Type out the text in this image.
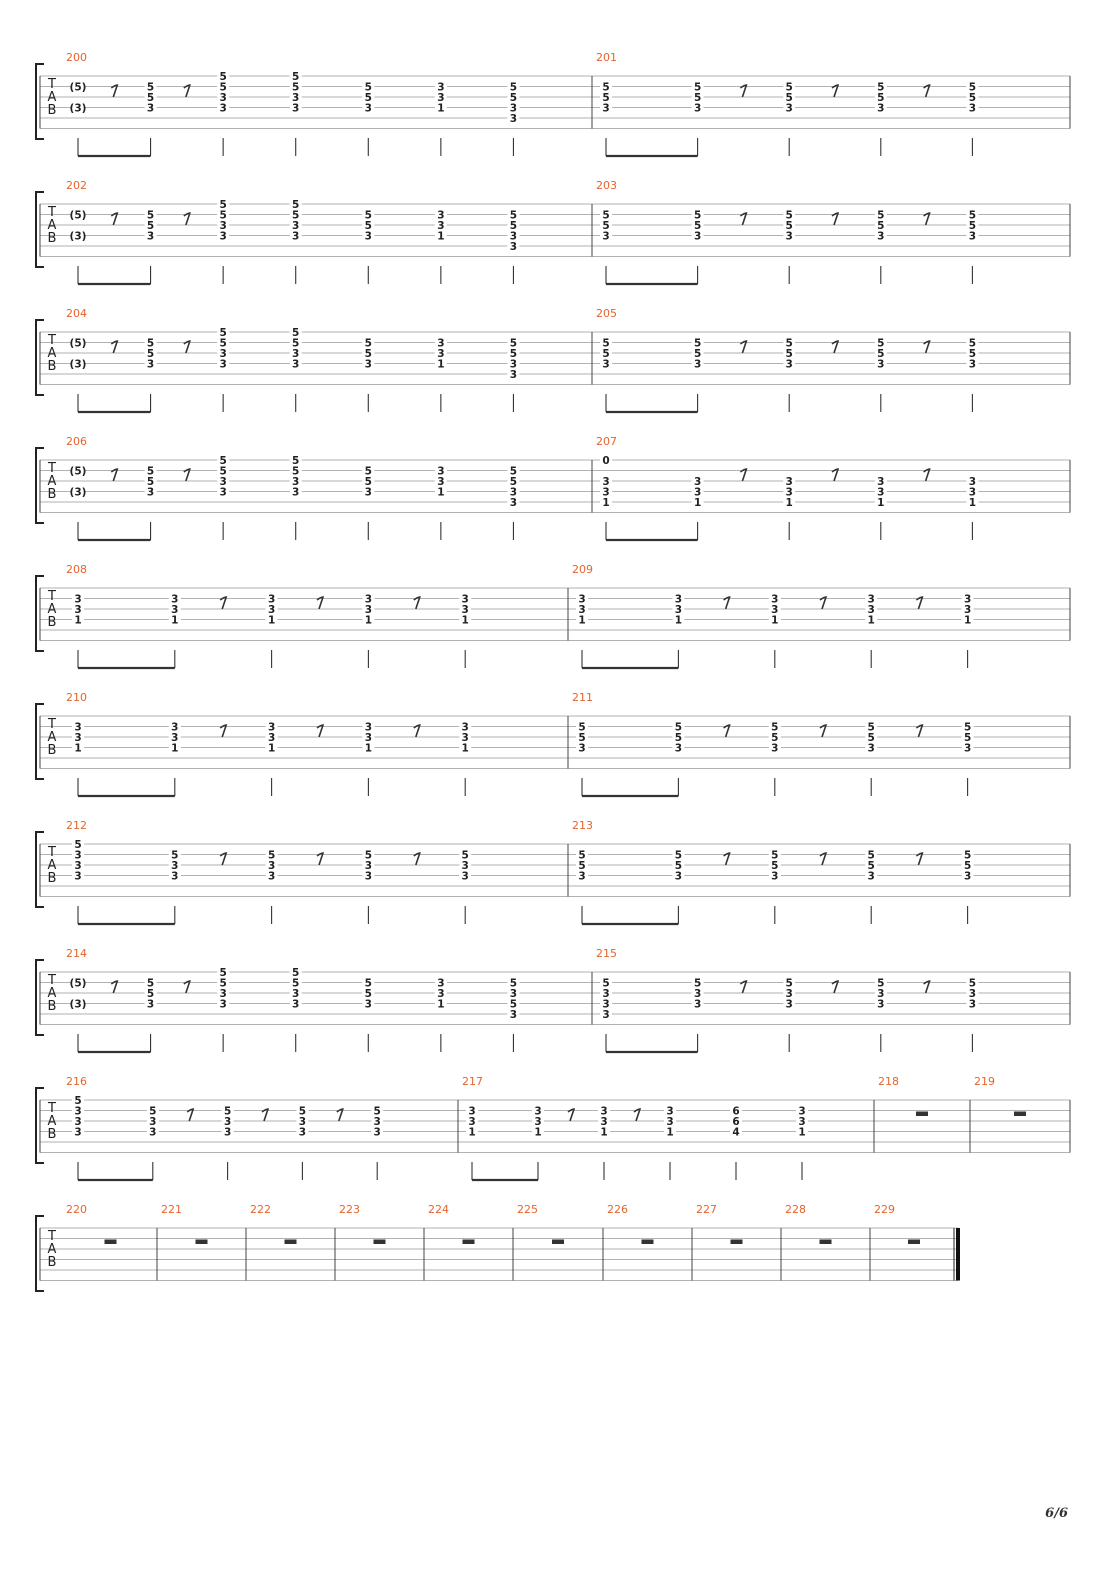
T
A
B
200
(5)
(3)
5
5
3
5
5
3
3
5
5
3
3
5
5
3
3
3
1
5
5
3
3
201
5
5
3
5
5
3
5
5
3
5
5
3
5
5
3
T
A
B
202
(5)
(3)
5
5
3
5
5
3
3
5
5
3
3
5
5
3
3
3
1
5
5
3
3
203
5
5
3
5
5
3
5
5
3
5
5
3
5
5
3
T
A
B
204
(5)
(3)
5
5
3
5
5
3
3
5
5
3
3
5
5
3
3
3
1
5
5
3
3
205
5
5
3
5
5
3
5
5
3
5
5
3
5
5
3
T
A
B
206
(5)
(3)
5
5
3
5
5
3
3
5
5
3
3
5
5
3
3
3
1
5
5
3
3
207
0
3
3
1
3
3
1
3
3
1
3
3
1
3
3
1
T
A
B
208
3
3
1
3
3
1
3
3
1
3
3
1
3
3
1
209
3
3
1
3
3
1
3
3
1
3
3
1
3
3
1
T
A
B
210
3
3
1
3
3
1
3
3
1
3
3
1
3
3
1
211
5
5
3
5
5
3
5
5
3
5
5
3
5
5
3
T
A
B
212
5
3
3
3
5
3
3
5
3
3
5
3
3
5
3
3
213
5
5
3
5
5
3
5
5
3
5
5
3
5
5
3
T
A
B
214
(5)
(3)
5
5
3
5
5
3
3
5
5
3
3
5
5
3
3
3
1
5
3
5
3
215
5
3
3
3
5
3
3
5
3
3
5
3
3
5
3
3
T
A
B
216
5
3
3
3
5
3
3
5
3
3
5
3
3
5
3
3
217
3
3
1
3
3
1
3
3
1
3
3
1
6
6
4
3
3
1
218	219
T
A
B
220	221	222	223	224	225	226	227	228	229
6/6
